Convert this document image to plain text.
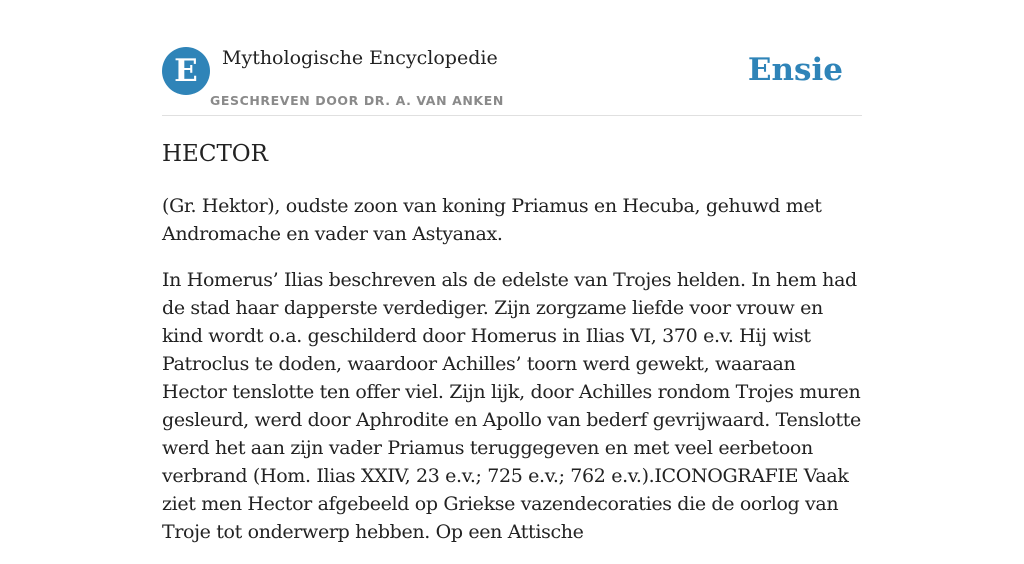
E	Mythologische Encyclopedie
GESCHREVEN DOOR DR. A. VAN ANKEN
Ensie
HECTOR

(Gr. Hektor), oudste zoon van koning Priamus en Hecuba, gehuwd met Andromache en vader van Astyanax.

In Homerus’ Ilias beschreven als de edelste van Trojes helden. In hem had de stad haar dapperste verdediger. Zijn zorgzame liefde voor vrouw en kind wordt o.a. geschilderd door Homerus in Ilias VI, 370 e.v. Hij wist Patroclus te doden, waardoor Achilles’ toorn werd gewekt, waaraan Hector tenslotte ten offer viel. Zijn lijk, door Achilles rondom Trojes muren gesleurd, werd door Aphrodite en Apollo van bederf gevrijwaard. Tenslotte werd het aan zijn vader Priamus teruggegeven en met veel eerbetoon verbrand (Hom. Ilias XXIV, 23 e.v.; 725 e.v.; 762 e.v.).ICONOGRAFIE Vaak ziet men Hector afgebeeld op Griekse vazendecoraties die de oorlog van Troje tot onderwerp hebben. Op een Attische
